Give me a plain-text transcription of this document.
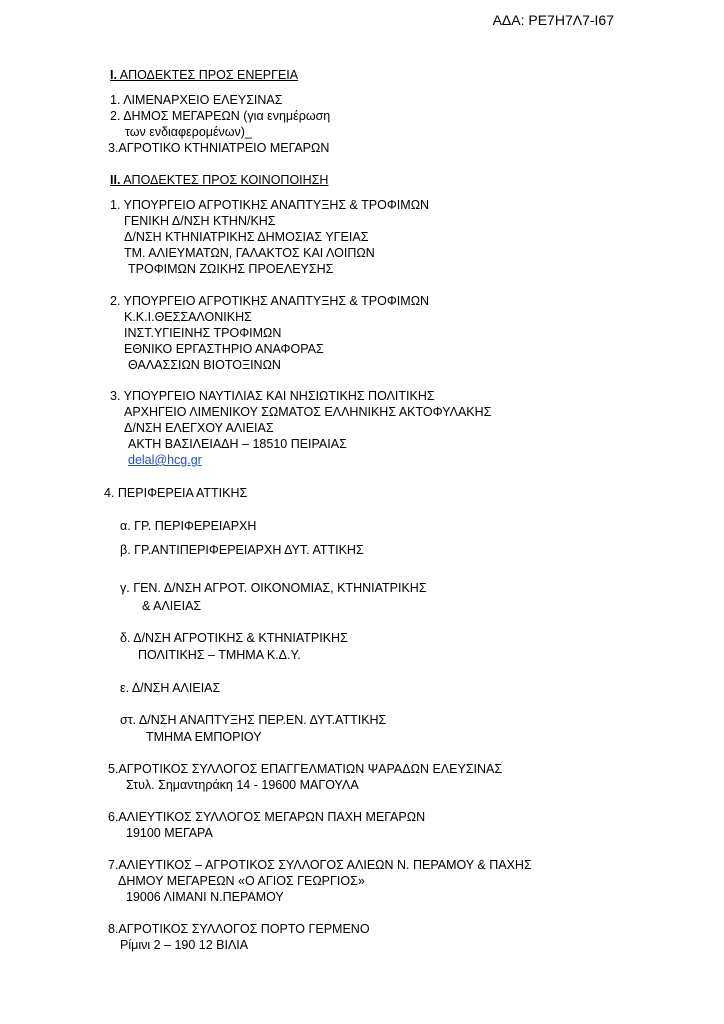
ΑΔΑ: ΡΕ7Η7Λ7-Ι67
Ι. ΑΠΟΔΕΚΤΕΣ ΠΡΟΣ ΕΝΕΡΓΕΙΑ
1. ΛΙΜΕΝΑΡΧΕΙΟ ΕΛΕΥΣΙΝΑΣ
2. ΔΗΜΟΣ ΜΕΓΑΡΕΩΝ (για ενημέρωση
των ενδιαφερομένων)_
3.ΑΓΡΟΤΙΚΟ ΚΤΗΝΙΑΤΡΕΙΟ ΜΕΓΑΡΩΝ
ΙΙ. ΑΠΟΔΕΚΤΕΣ ΠΡΟΣ ΚΟΙΝΟΠΟΙΗΣΗ
1. ΥΠΟΥΡΓΕΙΟ ΑΓΡΟΤΙΚΗΣ ΑΝΑΠΤΥΞΗΣ & ΤΡΟΦΙΜΩΝ
ΓΕΝΙΚΗ Δ/ΝΣΗ ΚΤΗΝ/ΚΗΣ
Δ/ΝΣΗ ΚΤΗΝΙΑΤΡΙΚΗΣ ΔΗΜΟΣΙΑΣ ΥΓΕΙΑΣ
ΤΜ. ΑΛΙΕΥΜΑΤΩΝ, ΓΑΛΑΚΤΟΣ ΚΑΙ ΛΟΙΠΩΝ
ΤΡΟΦΙΜΩΝ ΖΩΙΚΗΣ ΠΡΟΕΛΕΥΣΗΣ
2. ΥΠΟΥΡΓΕΙΟ ΑΓΡΟΤΙΚΗΣ ΑΝΑΠΤΥΞΗΣ & ΤΡΟΦΙΜΩΝ
Κ.Κ.Ι.ΘΕΣΣΑΛΟΝΙΚΗΣ
ΙΝΣΤ.ΥΓΙΕΙΝΗΣ ΤΡΟΦΙΜΩΝ
ΕΘΝΙΚΟ ΕΡΓΑΣΤΗΡΙΟ ΑΝΑΦΟΡΑΣ
ΘΑΛΑΣΣΙΩΝ ΒΙΟΤΟΞΙΝΩΝ
3. ΥΠΟΥΡΓΕΙΟ ΝΑΥΤΙΛΙΑΣ ΚΑΙ ΝΗΣΙΩΤΙΚΗΣ ΠΟΛΙΤΙΚΗΣ
ΑΡΧΗΓΕΙΟ ΛΙΜΕΝΙΚΟΥ ΣΩΜΑΤΟΣ ΕΛΛΗΝΙΚΗΣ ΑΚΤΟΦΥΛΑΚΗΣ
Δ/ΝΣΗ ΕΛΕΓΧΟΥ ΑΛΙΕΙΑΣ
ΑΚΤΗ ΒΑΣΙΛΕΙΑΔΗ – 18510 ΠΕΙΡΑΙΑΣ
delal@hcg.gr
4. ΠΕΡΙΦΕΡΕΙΑ ΑΤΤΙΚΗΣ
α. ΓΡ. ΠΕΡΙΦΕΡΕΙΑΡΧΗ
β. ΓΡ.ΑΝΤΙΠΕΡΙΦΕΡΕΙΑΡΧΗ ΔΥΤ. ΑΤΤΙΚΗΣ
γ. ΓΕΝ. Δ/ΝΣΗ ΑΓΡΟΤ. ΟΙΚΟΝΟΜΙΑΣ, ΚΤΗΝΙΑΤΡΙΚΗΣ
& ΑΛΙΕΙΑΣ
δ. Δ/ΝΣΗ ΑΓΡΟΤΙΚΗΣ & ΚΤΗΝΙΑΤΡΙΚΗΣ
ΠΟΛΙΤΙΚΗΣ – ΤΜΗΜΑ Κ.Δ.Υ.
ε. Δ/ΝΣΗ ΑΛΙΕΙΑΣ
στ. Δ/ΝΣΗ ΑΝΑΠΤΥΞΗΣ ΠΕΡ.ΕΝ. ΔΥΤ.ΑΤΤΙΚΗΣ
ΤΜΗΜΑ ΕΜΠΟΡΙΟΥ
5.ΑΓΡΟΤΙΚΟΣ ΣΥΛΛΟΓΟΣ ΕΠΑΓΓΕΛΜΑΤΙΩΝ ΨΑΡΑΔΩΝ ΕΛΕΥΣΙΝΑΣ
Στυλ. Σημαντηράκη 14 - 19600 ΜΑΓΟΥΛΑ
6.ΑΛΙΕΥΤΙΚΟΣ ΣΥΛΛΟΓΟΣ ΜΕΓΑΡΩΝ ΠΑΧΗ ΜΕΓΑΡΩΝ
19100 ΜΕΓΑΡΑ
7.ΑΛΙΕΥΤΙΚΟΣ – ΑΓΡΟΤΙΚΟΣ ΣΥΛΛΟΓΟΣ ΑΛΙΕΩΝ Ν. ΠΕΡΑΜΟΥ & ΠΑΧΗΣ
ΔΗΜΟΥ ΜΕΓΑΡΕΩΝ «Ο ΑΓΙΟΣ ΓΕΩΡΓΙΟΣ»
19006 ΛΙΜΑΝΙ Ν.ΠΕΡΑΜΟΥ
8.ΑΓΡΟΤΙΚΟΣ ΣΥΛΛΟΓΟΣ ΠΟΡΤΟ ΓΕΡΜΕΝΟ
Ρίμινι 2 – 190 12 ΒΙΛΙΑ
